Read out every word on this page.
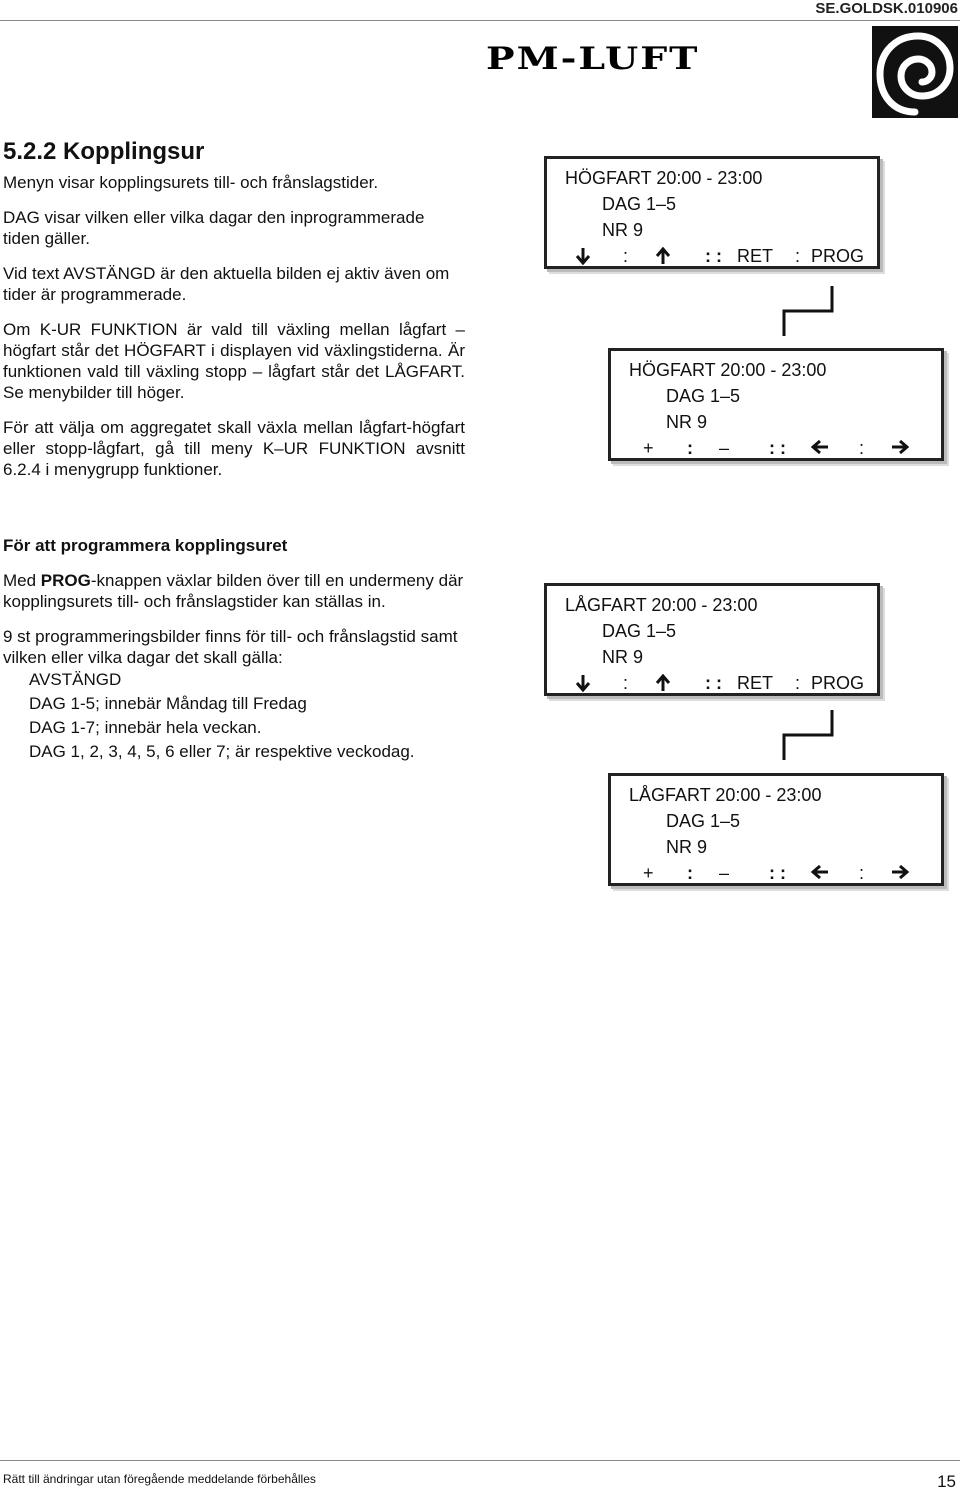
SE.GOLDSK.010906
PM-LUFT
5.2.2 Kopplingsur

Menyn visar kopplingsurets till- och frånslagstider.

DAG visar vilken eller vilka dagar den inprogrammerade tiden gäller.

Vid text AVSTÄNGD är den aktuella bilden ej aktiv även om tider är programmerade.

Om K-UR FUNKTION är vald till växling mellan lågfart – högfart står det HÖGFART i displayen vid växlingstiderna. Är funktionen vald till växling stopp – lågfart står det LÅGFART. Se menybilder till höger.

För att välja om aggregatet skall växla mellan lågfart-högfart eller stopp-lågfart, gå till meny K–UR FUNKTION avsnitt 6.2.4 i menygrupp funktioner.

För att programmera kopplingsuret

Med PROG-knappen växlar bilden över till en undermeny där kopplingsurets till- och frånslagstider kan ställas in.

9 st programmeringsbilder finns för till- och frånslagstid samt vilken eller vilka dagar det skall gälla:

AVSTÄNGD
DAG 1-5; innebär Måndag till Fredag
DAG 1-7; innebär hela veckan.
DAG 1, 2, 3, 4, 5, 6 eller 7; är respektive veckodag.
HÖGFART 20:00 - 23:00
DAG 1–5
NR 9
:	: : RET : PROG
HÖGFART 20:00 - 23:00
DAG 1–5
NR 9
+ : – : :	:
LÅGFART 20:00 - 23:00
DAG 1–5
NR 9
:	: : RET : PROG
LÅGFART 20:00 - 23:00
DAG 1–5
NR 9
+ : – : :	:
Rätt till ändringar utan föregående meddelande förbehålles	15
